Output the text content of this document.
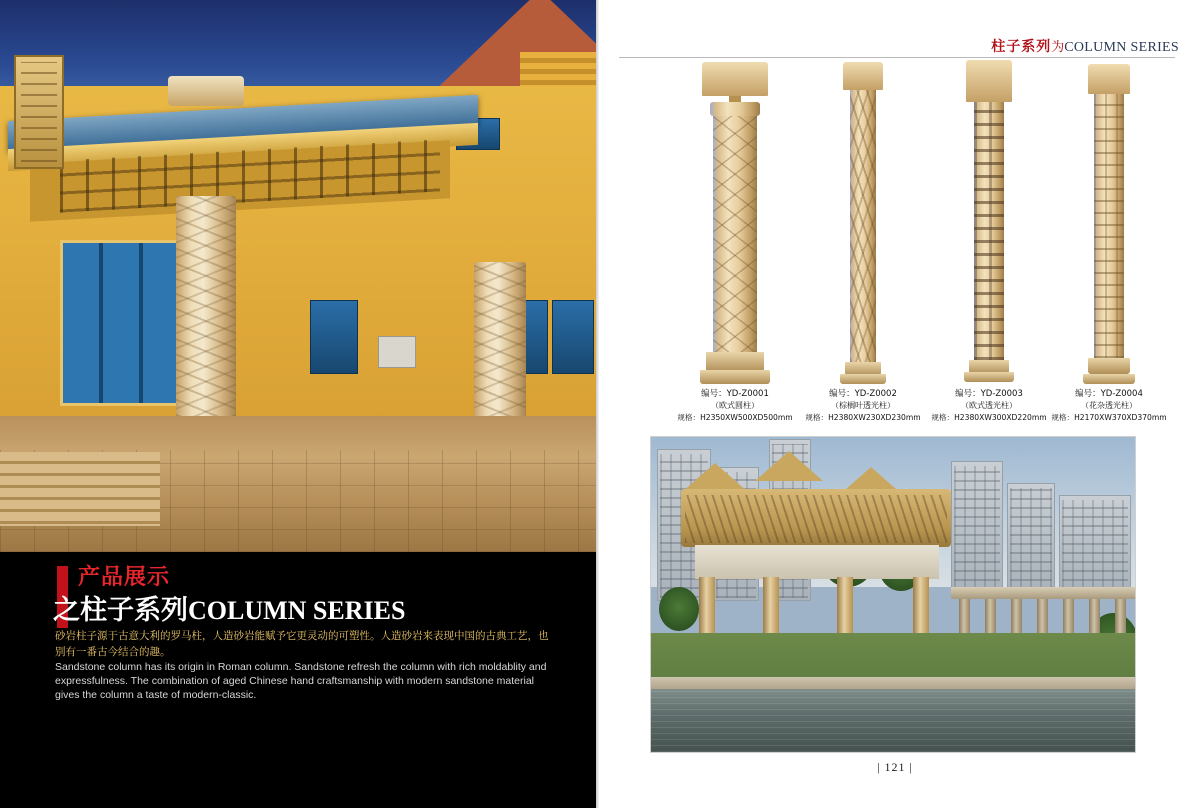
产品展示
之柱子系列COLUMN SERIES
砂岩柱子源于古意大利的罗马柱，人造砂岩能赋予它更灵动的可塑性。人造砂岩来表现中国的古典工艺，也别有一番古今结合的趣。
Sandstone column has its origin in Roman column. Sandstone refresh the column with rich moldablity and expressfulness. The combination of aged Chinese hand craftsmanship with modern sandstone material gives the column a taste of modern-classic.
柱子系列为COLUMN SERIES
编号：YD-Z0001
（欧式圆柱）
规格：H2350XW500XD500mm
编号：YD-Z0002
（棕榈叶透光柱）
规格：H2380XW230XD230mm
编号：YD-Z0003
（欧式透光柱）
规格：H2380XW300XD220mm
编号：YD-Z0004
（花杂透光柱）
规格：H2170XW370XD370mm
| 121 |
